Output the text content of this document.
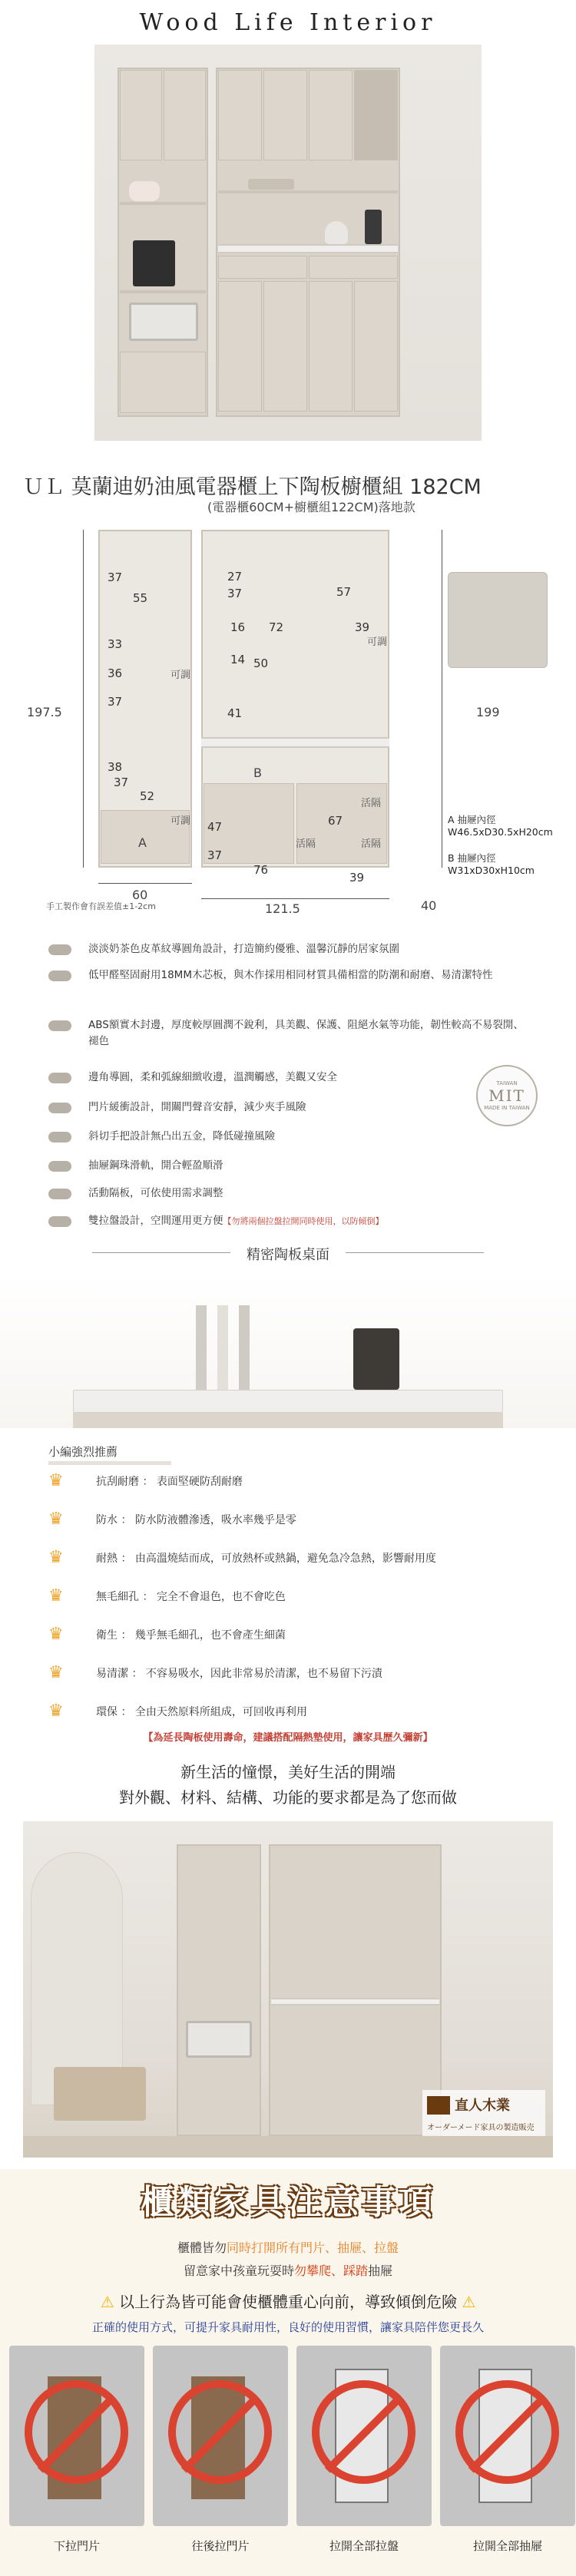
Wood Life Interior
ＵＬ 莫蘭迪奶油風電器櫃上下陶板櫥櫃組 182CM
(電器櫃60CM+櫥櫃組122CM)落地款
197.5	199
60
121.5	40
A
B
37
55
33
36
37
38
37
52
27
16 72
57
37
39
14 50
41
47
37
76
67
39
可調
可調
可調
活隔
活隔	活隔
A 抽屜內徑
W46.5xD30.5xH20cm
B 抽屜內徑
W31xD30xH10cm
手工製作會有誤差值±1-2cm
淡淡奶茶色皮革紋導圓角設計，打造簡約優雅、溫馨沉靜的居家氛圍
低甲醛堅固耐用18MM木芯板，與木作採用相同材質具備相當的防潮和耐磨、易清潔特性
ABS額實木封邊，厚度較厚圓潤不銳利，具美觀、保護、阻絕水氣等功能，韌性較高不易裂開、褪色
邊角導圓，柔和弧線細緻收邊，溫潤觸感，美觀又安全
門片緩衝設計，開關門聲音安靜，減少夾手風險
斜切手把設計無凸出五金，降低碰撞風險
抽屜鋼珠滑軌，開合輕盈順滑
活動隔板，可依使用需求調整
雙拉盤設計，空間運用更方便 【勿將兩個拉盤拉開同時使用，以防傾倒】
TAIWAN
MIT
MADE IN TAIWAN
精密陶板桌面
小編強烈推薦
♛	抗刮耐磨 ： 表面堅硬防刮耐磨
♛	防水 ： 防水防液體滲透，吸水率幾乎是零
♛	耐熱 ： 由高溫燒結而成，可放熱杯或熱鍋，避免急冷急熱，影響耐用度
♛	無毛細孔 ： 完全不會退色，也不會吃色
♛	衛生 ： 幾乎無毛細孔，也不會產生細菌
♛	易清潔 ： 不容易吸水，因此非常易於清潔，也不易留下污漬
♛	環保 ： 全由天然原料所組成，可回收再利用
【為延長陶板使用壽命，建議搭配隔熱墊使用，讓家具歷久彌新】
新生活的憧憬，美好生活的開端
對外觀、材料、結構、功能的要求都是為了您而做
直人木業
オーダーメード家具の製造販売
櫃類家具注意事項
櫃體皆勿同時打開所有門片、抽屜、拉盤
留意家中孩童玩耍時勿攀爬、踩踏抽屜
⚠ 以上行為皆可能會使櫃體重心向前，導致傾倒危險 ⚠
正確的使用方式，可提升家具耐用性，良好的使用習慣，讓家具陪伴您更長久
下拉門片	往後拉門片	拉開全部拉盤	拉開全部抽屜
